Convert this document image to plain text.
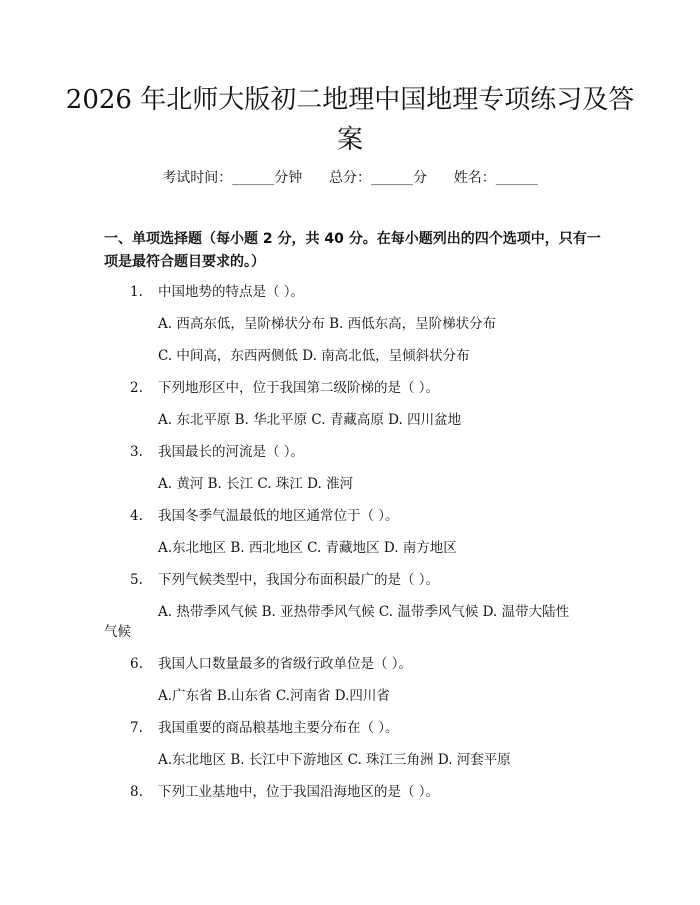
2026 年北师大版初二地理中国地理专项练习及答案
考试时间：______分钟 总分：______分 姓名：______
一、单项选择题（每小题 2 分，共 40 分。在每小题列出的四个选项中，只有一项是最符合题目要求的。）
1. 中国地势的特点是（ ）。
A. 西高东低，呈阶梯状分布 B. 西低东高，呈阶梯状分布
C. 中间高，东西两侧低 D. 南高北低，呈倾斜状分布
2. 下列地形区中，位于我国第二级阶梯的是（ ）。
A. 东北平原 B. 华北平原 C. 青藏高原 D. 四川盆地
3. 我国最长的河流是（ ）。
A. 黄河 B. 长江 C. 珠江 D. 淮河
4. 我国冬季气温最低的地区通常位于（ ）。
A.东北地区 B. 西北地区 C. 青藏地区 D. 南方地区
5. 下列气候类型中，我国分布面积最广的是（ ）。
A. 热带季风气候 B. 亚热带季风气候 C. 温带季风气候 D. 温带大陆性
气候
6. 我国人口数量最多的省级行政单位是（ ）。
A.广东省 B.山东省 C.河南省 D.四川省
7. 我国重要的商品粮基地主要分布在（ ）。
A.东北地区 B. 长江中下游地区 C. 珠江三角洲 D. 河套平原
8. 下列工业基地中，位于我国沿海地区的是（ ）。
